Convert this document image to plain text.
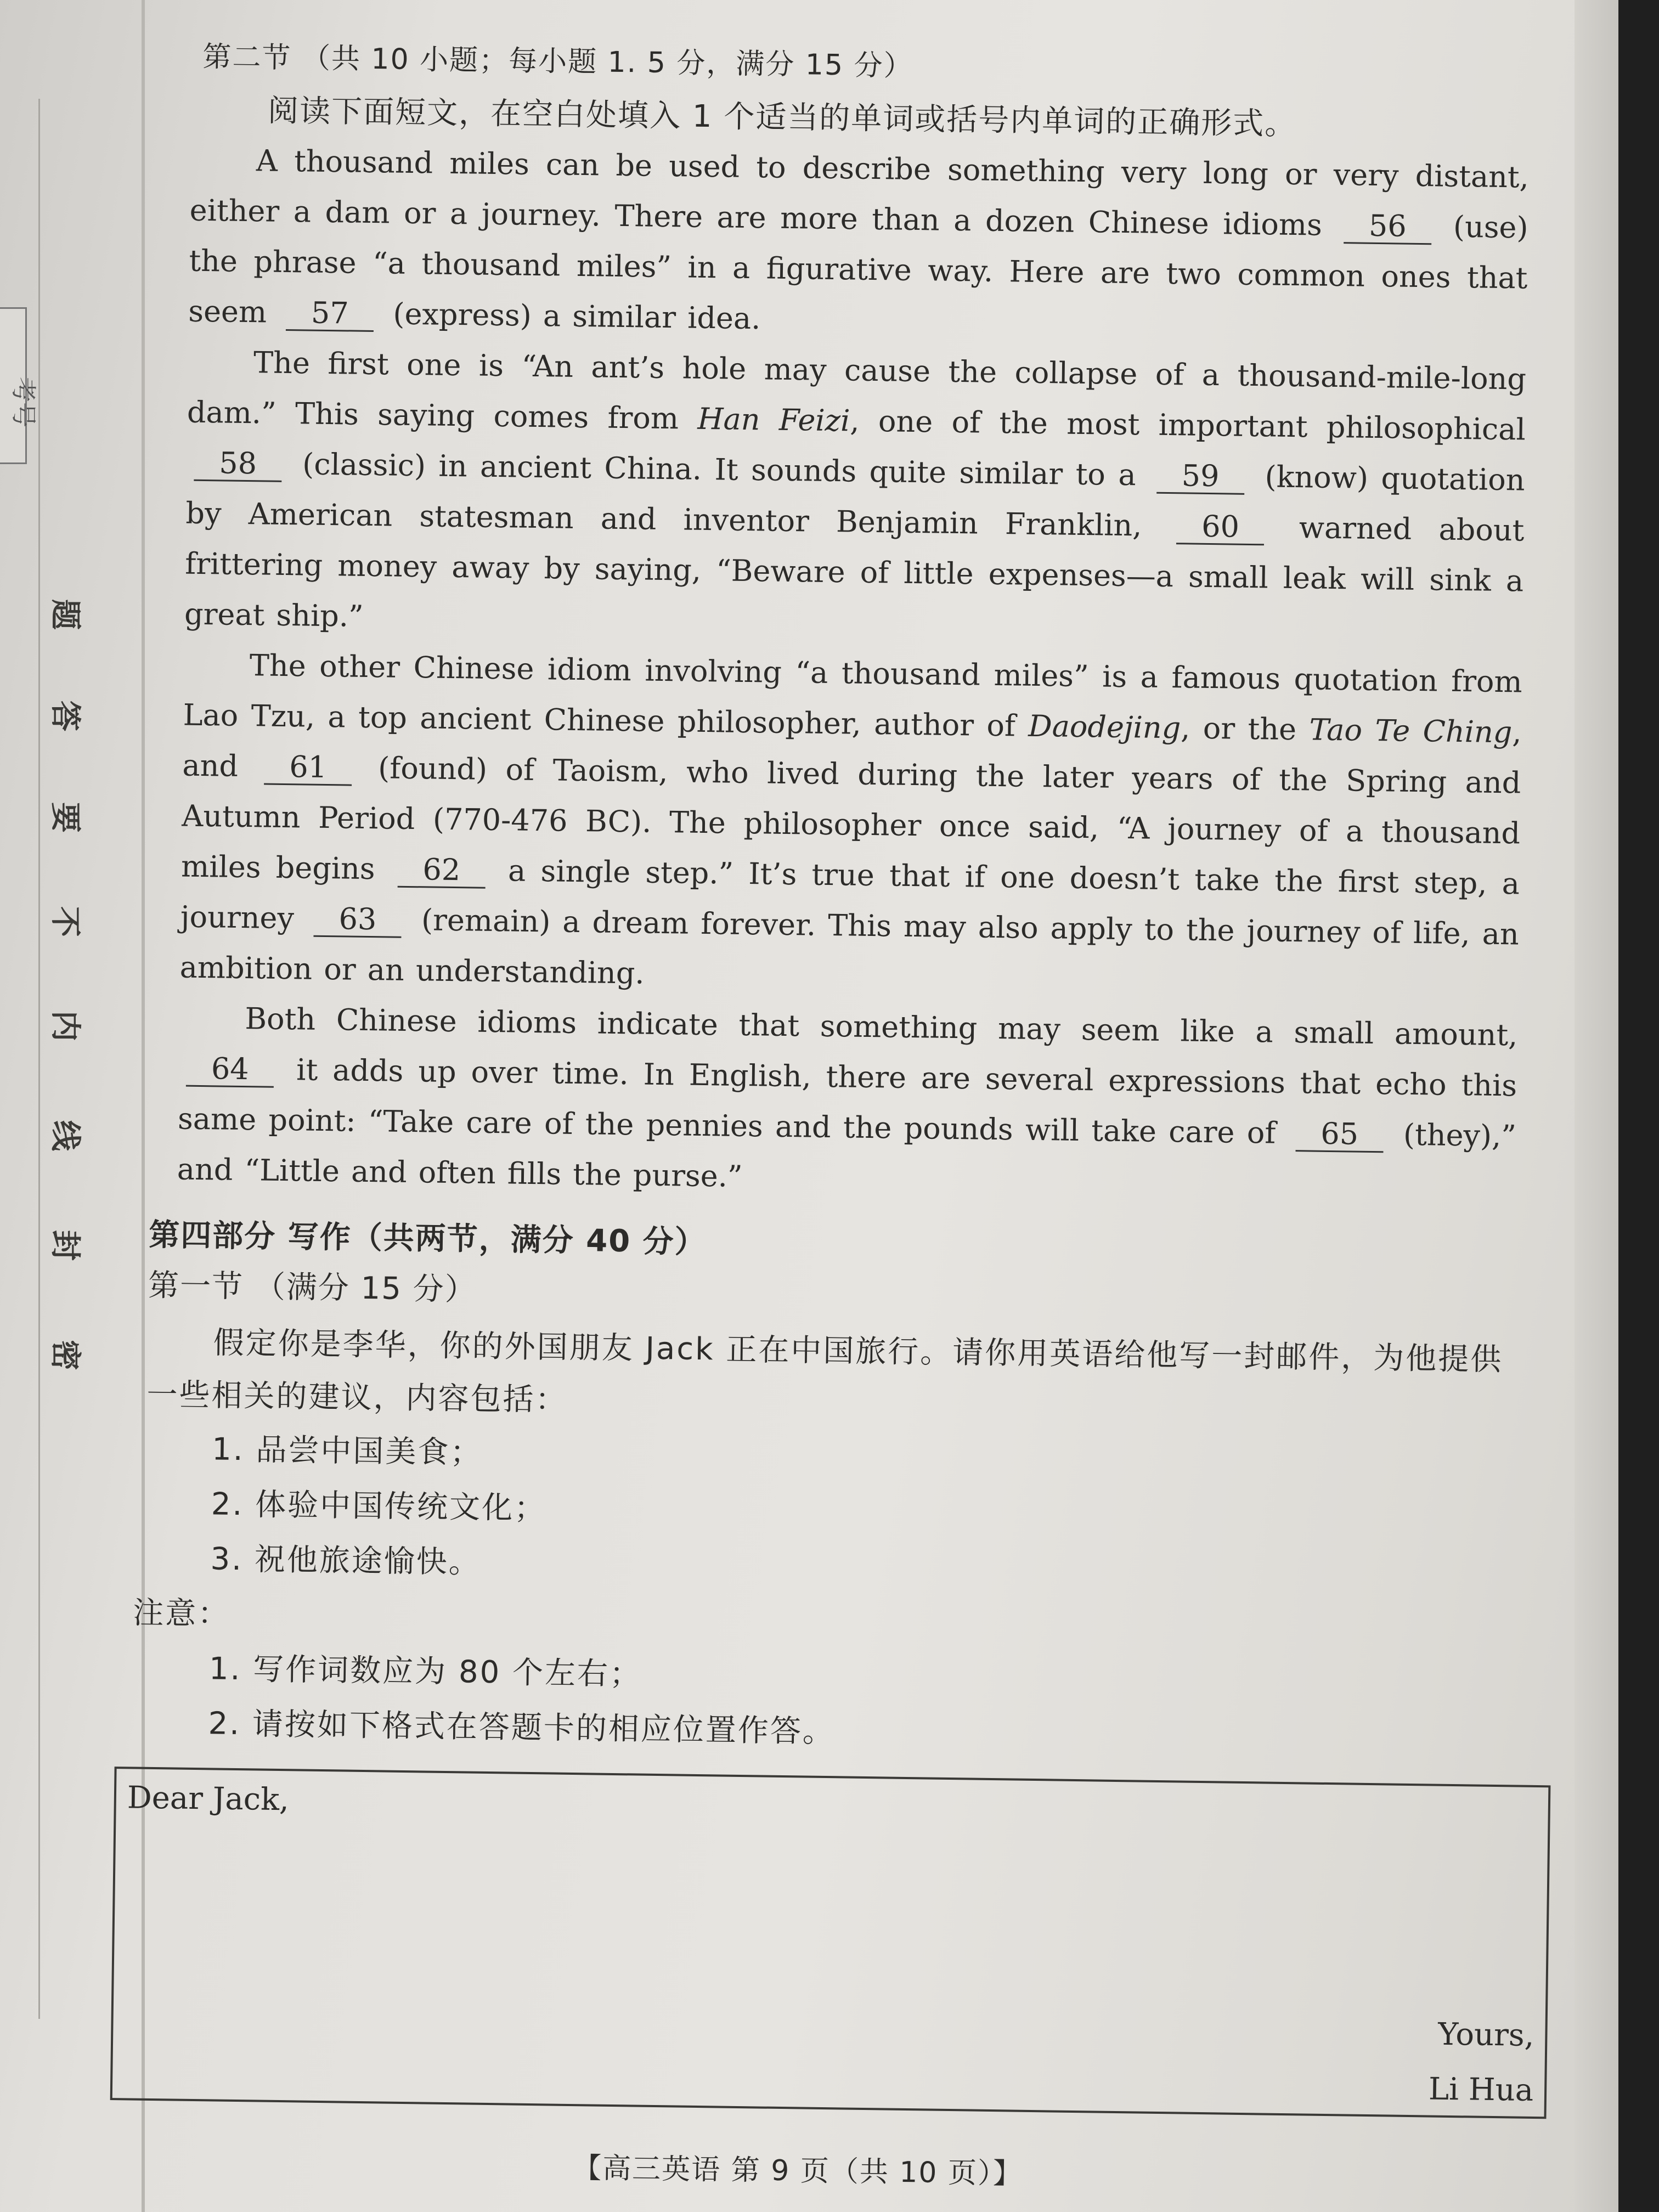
考号
题
答
要
不
内
线
封
密
第二节 （共 10 小题；每小题 1. 5 分，满分 15 分）
阅读下面短文，在空白处填入 1 个适当的单词或括号内单词的正确形式。

A thousand miles can be used to describe something very long or very distant, either a dam or a journey. There are more than a dozen Chinese idioms 56 (use) the phrase “a thousand miles” in a figurative way. Here are two common ones that seem 57 (express) a similar idea.

The first one is “An ant’s hole may cause the collapse of a thousand-mile-long dam.” This saying comes from Han Feizi, one of the most important philosophical 58 (classic) in ancient China. It sounds quite similar to a 59 (know) quotation by American statesman and inventor Benjamin Franklin, 60 warned about frittering money away by saying, “Beware of little expenses—a small leak will sink a great ship.”

The other Chinese idiom involving “a thousand miles” is a famous quotation from Lao Tzu, a top ancient Chinese philosopher, author of Daodejing, or the Tao Te Ching, and 61 (found) of Taoism, who lived during the later years of the Spring and Autumn Period (770-476 BC). The philosopher once said, “A journey of a thousand miles begins 62 a single step.” It’s true that if one doesn’t take the first step, a journey 63 (remain) a dream forever. This may also apply to the journey of life, an ambition or an understanding.

Both Chinese idioms indicate that something may seem like a small amount, 64 it adds up over time. In English, there are several expressions that echo this same point: “Take care of the pennies and the pounds will take care of 65 (they),” and “Little and often fills the purse.”

第四部分 写作（共两节，满分 40 分）
第一节 （满分 15 分）

假定你是李华，你的外国朋友 Jack 正在中国旅行。请你用英语给他写一封邮件，为他提供一些相关的建议，内容包括：

1. 品尝中国美食；
2. 体验中国传统文化；
3. 祝他旅途愉快。
注意：
1. 写作词数应为 80 个左右；
2. 请按如下格式在答题卡的相应位置作答。
Dear Jack,
Yours,
Li Hua
【高三英语 第 9 页（共 10 页）】
